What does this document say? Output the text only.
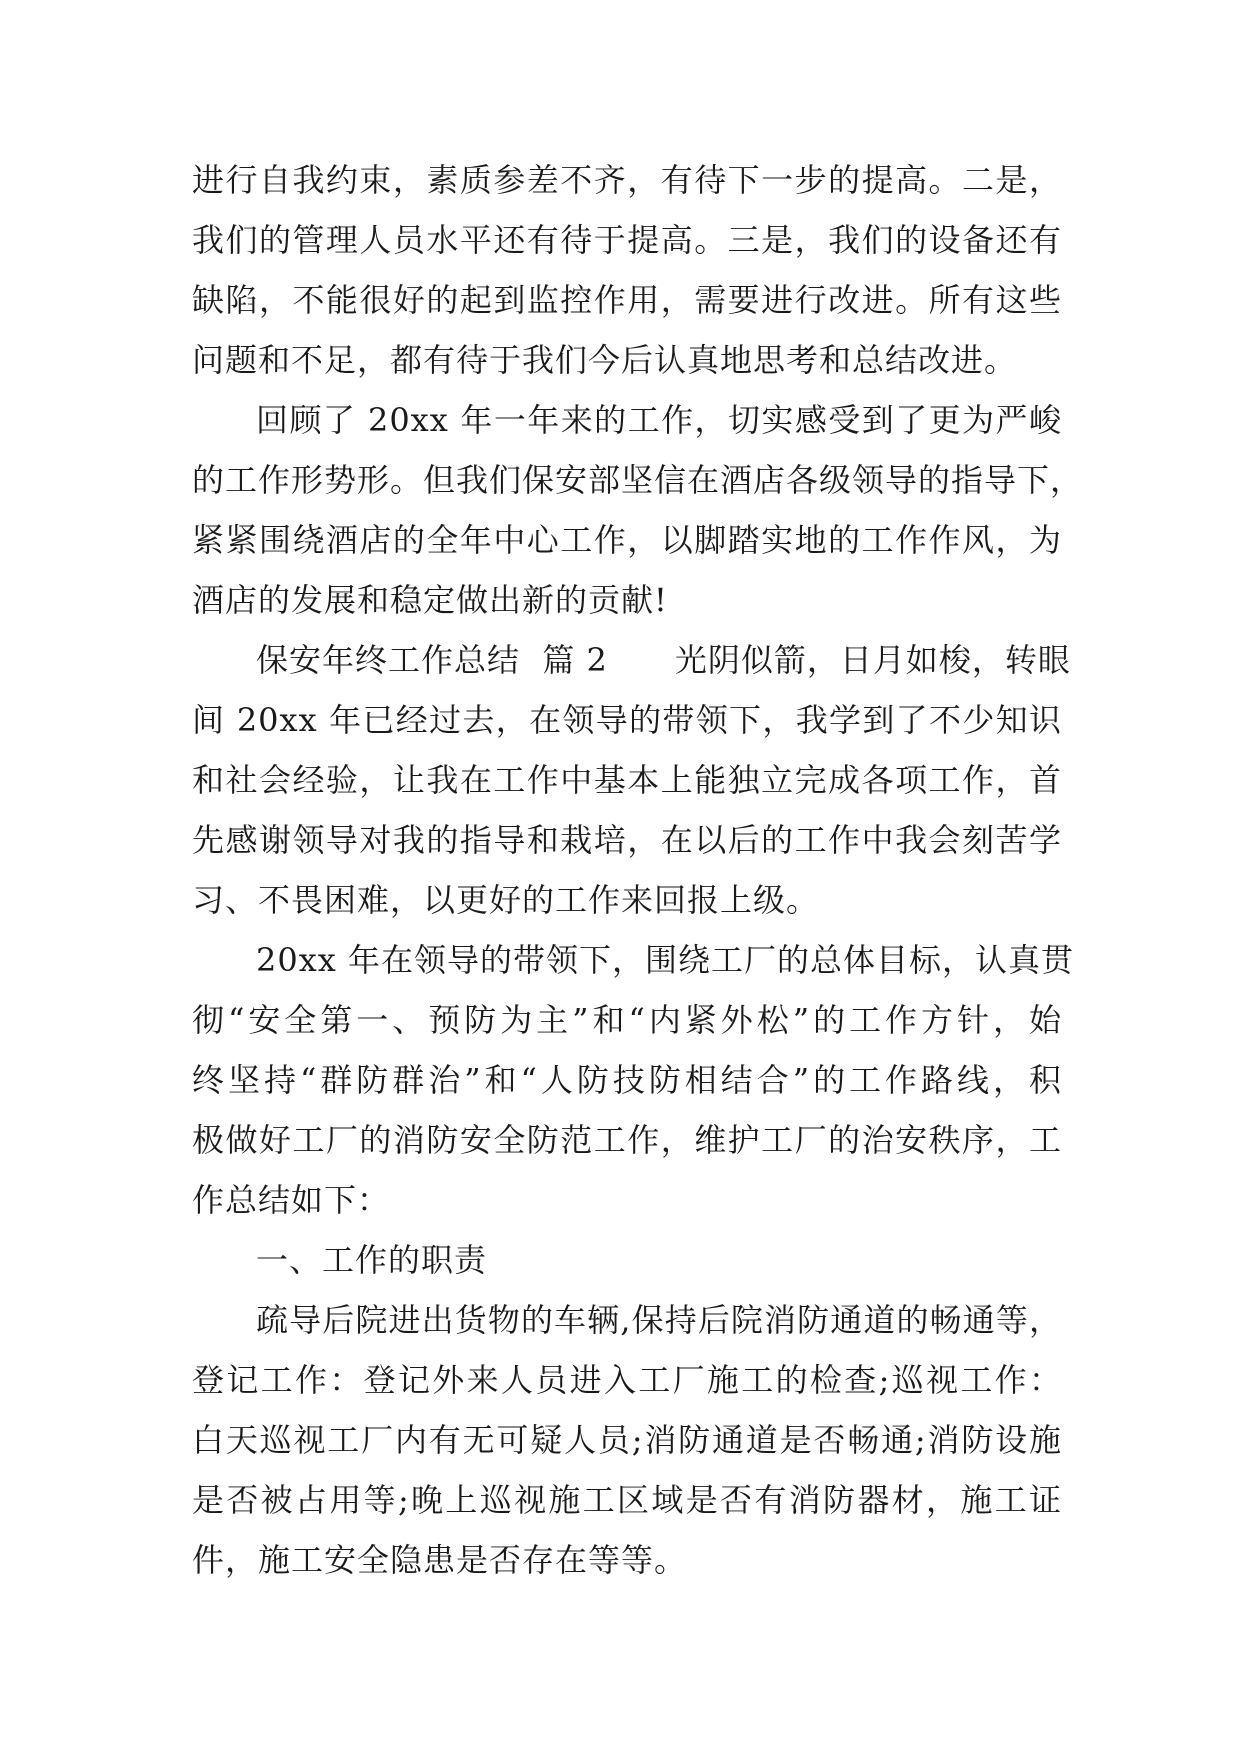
进行自我约束，素质参差不齐，有待下一步的提高。二是，
我们的管理人员水平还有待于提高。三是，我们的设备还有
缺陷，不能很好的起到监控作用，需要进行改进。所有这些
问题和不足，都有待于我们今后认真地思考和总结改进。
回顾了 20xx 年一年来的工作，切实感受到了更为严峻
的工作形势形。但我们保安部坚信在酒店各级领导的指导下，
紧紧围绕酒店的全年中心工作，以脚踏实地的工作作风，为
酒店的发展和稳定做出新的贡献!
保安年终工作总结  篇 2      光阴似箭，日月如梭，转眼
间 20xx 年已经过去，在领导的带领下，我学到了不少知识
和社会经验，让我在工作中基本上能独立完成各项工作，首
先感谢领导对我的指导和栽培，在以后的工作中我会刻苦学
习、不畏困难，以更好的工作来回报上级。
20xx 年在领导的带领下，围绕工厂的总体目标，认真贯
彻“安全第一、预防为主”和“内紧外松”的工作方针，始
终坚持“群防群治”和“人防技防相结合”的工作路线，积
极做好工厂的消防安全防范工作，维护工厂的治安秩序，工
作总结如下：
一、工作的职责
疏导后院进出货物的车辆,保持后院消防通道的畅通等，
登记工作：登记外来人员进入工厂施工的检查;巡视工作：
白天巡视工厂内有无可疑人员;消防通道是否畅通;消防设施
是否被占用等;晚上巡视施工区域是否有消防器材，施工证
件，施工安全隐患是否存在等等。
